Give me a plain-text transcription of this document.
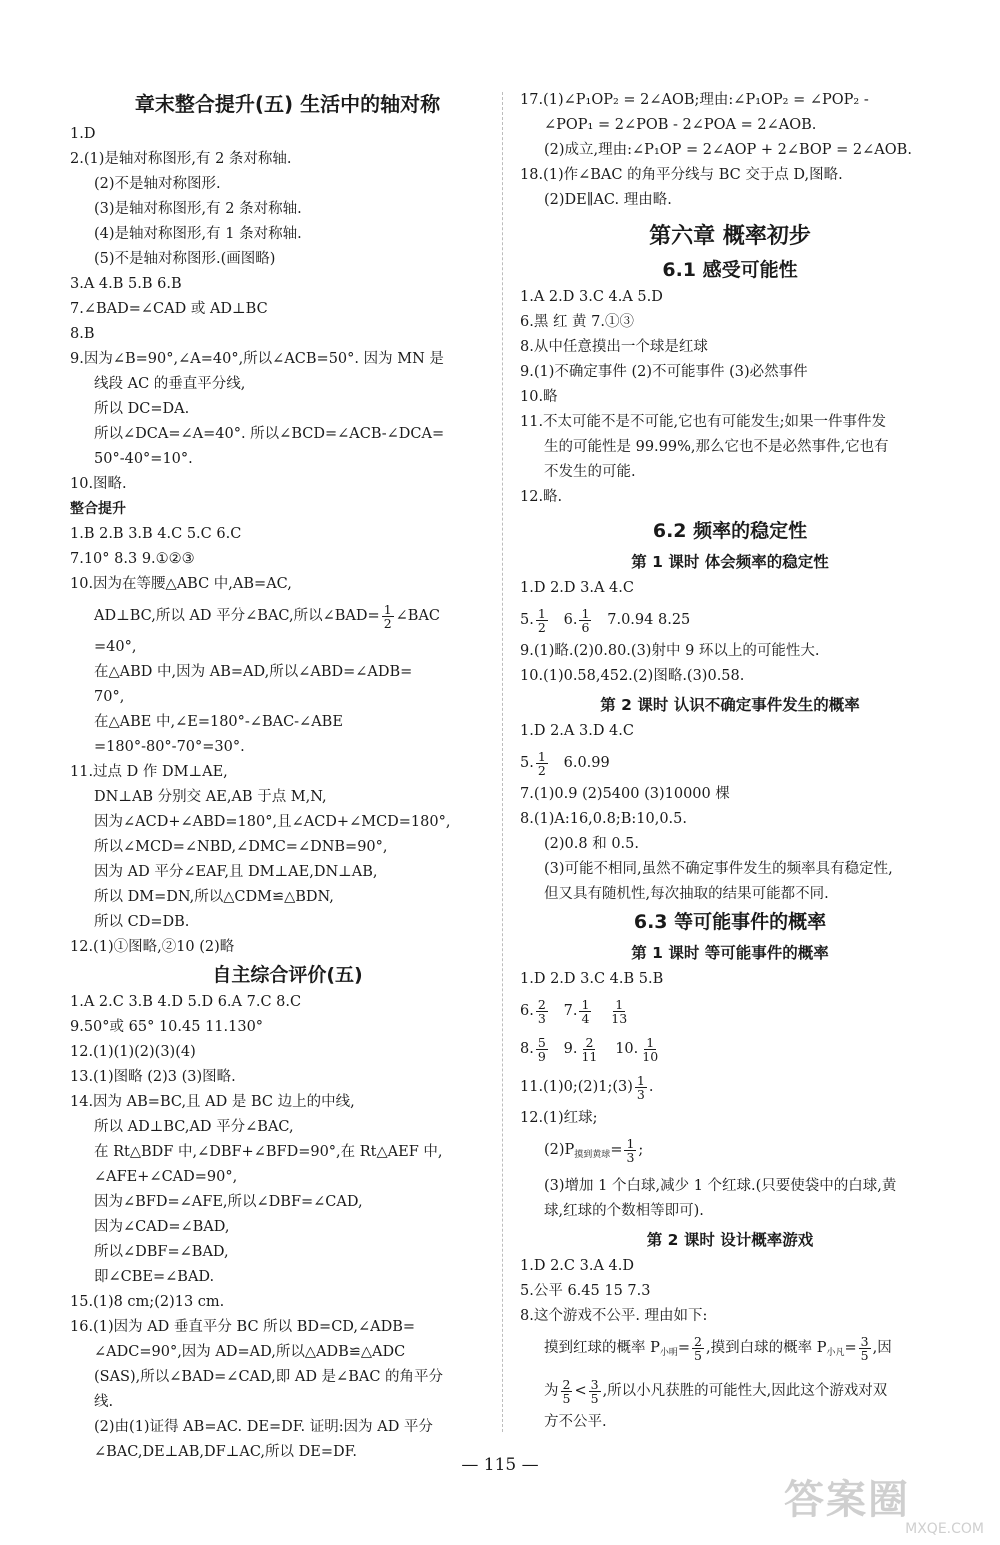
章末整合提升(五) 生活中的轴对称
1.D
2.(1)是轴对称图形,有 2 条对称轴.
(2)不是轴对称图形.
(3)是轴对称图形,有 2 条对称轴.
(4)是轴对称图形,有 1 条对称轴.
(5)不是轴对称图形.(画图略)
3.A 4.B 5.B 6.B
7.∠BAD=∠CAD 或 AD⊥BC
8.B
9.因为∠B=90°,∠A=40°,所以∠ACB=50°. 因为 MN 是
线段 AC 的垂直平分线,
所以 DC=DA.
所以∠DCA=∠A=40°. 所以∠BCD=∠ACB-∠DCA=
50°-40°=10°.
10.图略.
整合提升
1.B 2.B 3.B 4.C 5.C 6.C
7.10° 8.3 9.①②③
10.因为在等腰△ABC 中,AB=AC,
AD⊥BC,所以 AD 平分∠BAC,所以∠BAD= $\frac{1}{2}$ ∠BAC
=40°,
在△ABD 中,因为 AB=AD,所以∠ABD=∠ADB=
70°,
在△ABE 中,∠E=180°-∠BAC-∠ABE
=180°-80°-70°=30°.
11.过点 D 作 DM⊥AE,
DN⊥AB 分别交 AE,AB 于点 M,N,
因为∠ACD+∠ABD=180°,且∠ACD+∠MCD=180°,
所以∠MCD=∠NBD,∠DMC=∠DNB=90°,
因为 AD 平分∠EAF,且 DM⊥AE,DN⊥AB,
所以 DM=DN,所以△CDM≌△BDN,
所以 CD=DB.
12.(1)①图略,②10 (2)略
自主综合评价(五)
1.A 2.C 3.B 4.D 5.D 6.A 7.C 8.C
9.50°或 65° 10.45 11.130°
12.(1)(1)(2)(3)(4)
13.(1)图略 (2)3 (3)图略.
14.因为 AB=BC,且 AD 是 BC 边上的中线,
所以 AD⊥BC,AD 平分∠BAC,
在 Rt△BDF 中,∠DBF+∠BFD=90°,在 Rt△AEF 中,
∠AFE+∠CAD=90°,
因为∠BFD=∠AFE,所以∠DBF=∠CAD,
因为∠CAD=∠BAD,
所以∠DBF=∠BAD,
即∠CBE=∠BAD.
15.(1)8 cm;(2)13 cm.
16.(1)因为 AD 垂直平分 BC 所以 BD=CD,∠ADB=
∠ADC=90°,因为 AD=AD,所以△ADB≌△ADC
(SAS),所以∠BAD=∠CAD,即 AD 是∠BAC 的角平分
线.
(2)由(1)证得 AB=AC. DE=DF. 证明:因为 AD 平分
∠BAC,DE⊥AB,DF⊥AC,所以 DE=DF.
17.(1)∠P₁OP₂ = 2∠AOB;理由:∠P₁OP₂ = ∠POP₂ -
∠POP₁ = 2∠POB - 2∠POA = 2∠AOB.
(2)成立,理由:∠P₁OP = 2∠AOP + 2∠BOP = 2∠AOB.
18.(1)作∠BAC 的角平分线与 BC 交于点 D,图略.
(2)DE∥AC. 理由略.
第六章 概率初步
6.1 感受可能性
1.A 2.D 3.C 4.A 5.D
6.黑 红 黄 7.①③
8.从中任意摸出一个球是红球
9.(1)不确定事件 (2)不可能事件 (3)必然事件
10.略
11.不太可能不是不可能,它也有可能发生;如果一件事件发
生的可能性是 99.99%,那么它也不是必然事件,它也有
不发生的可能.
12.略.
6.2 频率的稳定性
第 1 课时 体会频率的稳定性
1.D 2.D 3.A 4.C
5. $\frac{1}{2} 6$. $\frac{1}{6} 7.0.94$ 8.25
9.(1)略.(2)0.80.(3)射中 9 环以上的可能性大.
10.(1)0.58,452.(2)图略.(3)0.58.
第 2 课时 认识不确定事件发生的概率
1.D 2.A 3.D 4.C
5. $\frac{1}{2} 6.0.99$
7.(1)0.9 (2)5400 (3)10000 棵
8.(1)A:16,0.8;B:10,0.5.
(2)0.8 和 0.5.
(3)可能不相同,虽然不确定事件发生的频率具有稳定性,
但又具有随机性,每次抽取的结果可能都不同.
6.3 等可能事件的概率
第 1 课时 等可能事件的概率
1.D 2.D 3.C 4.B 5.B
6. $\frac{2}{3} 7$. $\frac{1}{4}$
$\frac{1}{13}$
8. $\frac{5}{9} 9$. $\frac{2}{11} 10$. $\frac{1}{10}$
11.(1)0;(2)1;(3) $\frac{1}{3}$ .
12.(1)红球;
$(2)P_{摸到黄球}= \frac{1}{3}$ ;
(3)增加 1 个白球,减少 1 个红球.(只要使袋中的白球,黄
球,红球的个数相等即可).
第 2 课时 设计概率游戏
1.D 2.C 3.A 4.D
5.公平 6.45 15 7.3
8.这个游戏不公平. 理由如下:
摸到红球的概率 $P_{小明}= \frac{2}{5}$ ,摸到白球的概率 $P_{小凡}= \frac{3}{5}$ ,因
为 $\frac{2}{5} < \frac{3}{5}$ ,所以小凡获胜的可能性大,因此这个游戏对双
方不公平.
— 115 —
答案圈
MXQE.COM
